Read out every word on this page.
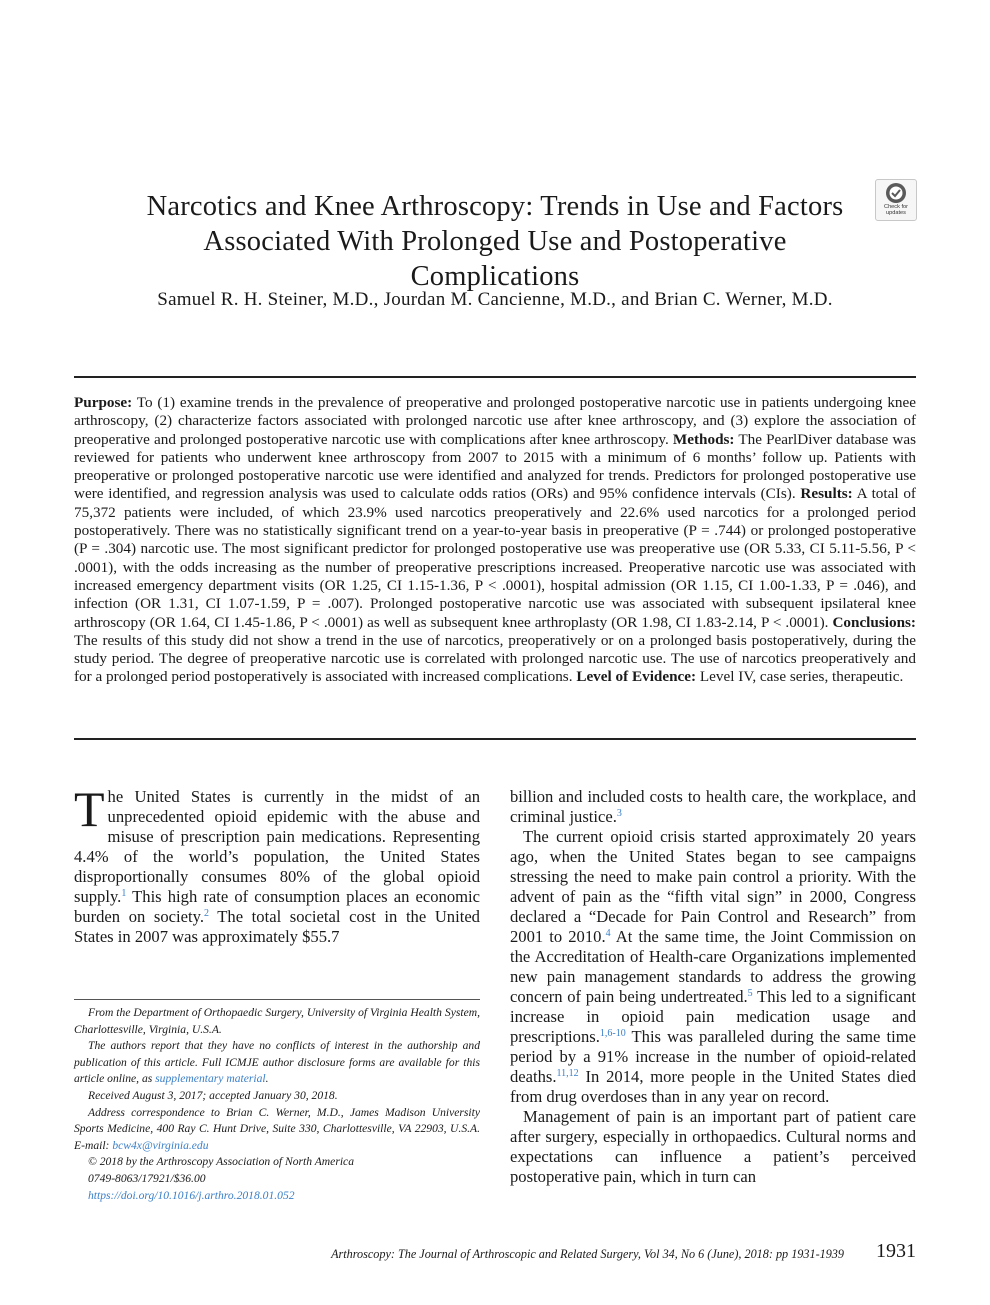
Narcotics and Knee Arthroscopy: Trends in Use and Factors Associated With Prolonged Use and Postoperative Complications
Check for updates
Samuel R. H. Steiner, M.D., Jourdan M. Cancienne, M.D., and Brian C. Werner, M.D.
Purpose: To (1) examine trends in the prevalence of preoperative and prolonged postoperative narcotic use in patients undergoing knee arthroscopy, (2) characterize factors associated with prolonged narcotic use after knee arthroscopy, and (3) explore the association of preoperative and prolonged postoperative narcotic use with complications after knee arthroscopy. Methods: The PearlDiver database was reviewed for patients who underwent knee arthroscopy from 2007 to 2015 with a minimum of 6 months’ follow up. Patients with preoperative or prolonged postoperative narcotic use were identified and analyzed for trends. Predictors for prolonged postoperative use were identified, and regression analysis was used to calculate odds ratios (ORs) and 95% confidence intervals (CIs). Results: A total of 75,372 patients were included, of which 23.9% used narcotics preoperatively and 22.6% used narcotics for a prolonged period postoperatively. There was no statistically significant trend on a year-to-year basis in preoperative (P = .744) or prolonged postoperative (P = .304) narcotic use. The most significant predictor for prolonged postoperative use was preoperative use (OR 5.33, CI 5.11-5.56, P < .0001), with the odds increasing as the number of preoperative prescriptions increased. Preoperative narcotic use was associated with increased emergency department visits (OR 1.25, CI 1.15-1.36, P < .0001), hospital admission (OR 1.15, CI 1.00-1.33, P = .046), and infection (OR 1.31, CI 1.07-1.59, P = .007). Prolonged postoperative narcotic use was associated with subsequent ipsilateral knee arthroscopy (OR 1.64, CI 1.45-1.86, P < .0001) as well as subsequent knee arthroplasty (OR 1.98, CI 1.83-2.14, P < .0001). Conclusions: The results of this study did not show a trend in the use of narcotics, preoperatively or on a prolonged basis postoperatively, during the study period. The degree of preoperative narcotic use is correlated with prolonged narcotic use. The use of narcotics preoperatively and for a prolonged period postoperatively is associated with increased complications. Level of Evidence: Level IV, case series, therapeutic.

The United States is currently in the midst of an unprecedented opioid epidemic with the abuse and misuse of prescription pain medications. Representing 4.4% of the world’s population, the United States disproportionally consumes 80% of the global opioid supply.$^1$ This high rate of consumption places an economic burden on society.$^2$ The total societal cost in the United States in 2007 was approximately $55.7

From the Department of Orthopaedic Surgery, University of Virginia Health System, Charlottesville, Virginia, U.S.A.

The authors report that they have no conflicts of interest in the authorship and publication of this article. Full ICMJE author disclosure forms are available for this article online, as supplementary material.

Received August 3, 2017; accepted January 30, 2018.

Address correspondence to Brian C. Werner, M.D., James Madison University Sports Medicine, 400 Ray C. Hunt Drive, Suite 330, Charlottesville, VA 22903, U.S.A. E-mail: bcw4x@virginia.edu

© 2018 by the Arthroscopy Association of North America

0749-8063/17921/$36.00

https://doi.org/10.1016/j.arthro.2018.01.052

billion and included costs to health care, the workplace, and criminal justice.$^3$

The current opioid crisis started approximately 20 years ago, when the United States began to see campaigns stressing the need to make pain control a priority. With the advent of pain as the “fifth vital sign” in 2000, Congress declared a “Decade for Pain Control and Research” from 2001 to 2010.$^4$ At the same time, the Joint Commission on the Accreditation of Health-care Organizations implemented new pain management standards to address the growing concern of pain being undertreated.$^5$ This led to a significant increase in opioid pain medication usage and prescriptions.$^{1,6-10}$ This was paralleled during the same time period by a 91% increase in the number of opioid-related deaths.$^{11,12}$ In 2014, more people in the United States died from drug overdoses than in any year on record.

Management of pain is an important part of patient care after surgery, especially in orthopaedics. Cultural norms and expectations can influence a patient’s perceived postoperative pain, which in turn can

Arthroscopy: The Journal of Arthroscopic and Related Surgery, Vol 34, No 6 (June), 2018: pp 1931-1939	1931
